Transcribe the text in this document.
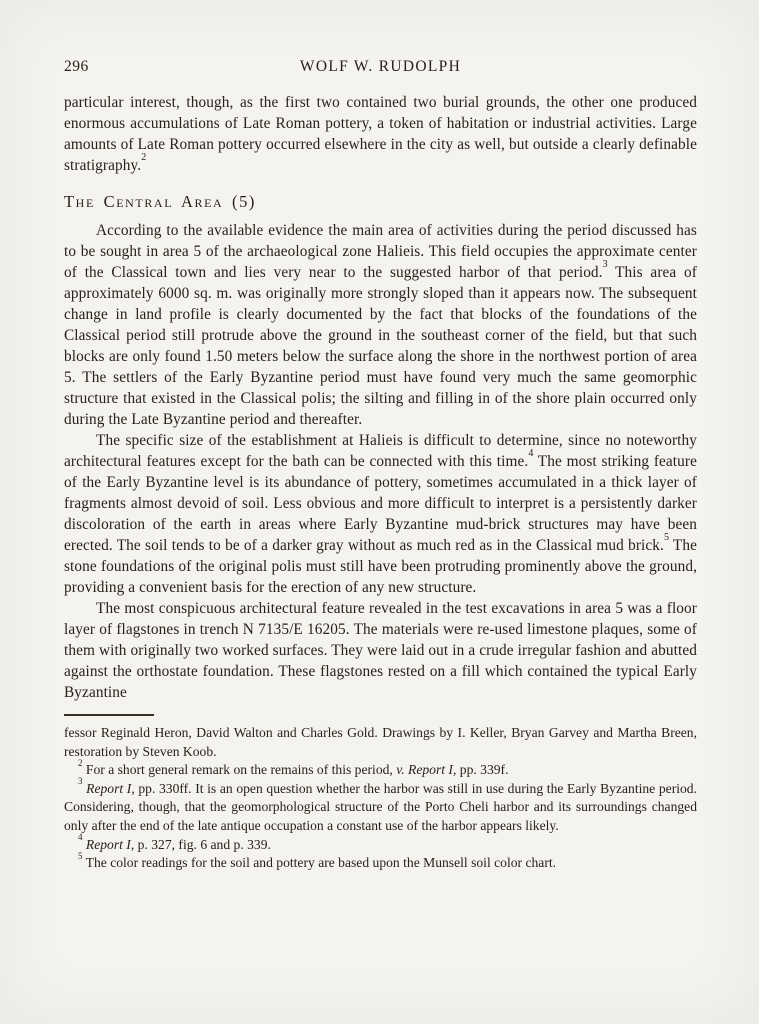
296	WOLF W. RUDOLPH

particular interest, though, as the first two contained two burial grounds, the other one produced enormous accumulations of Late Roman pottery, a token of habitation or industrial activities. Large amounts of Late Roman pottery occurred elsewhere in the city as well, but outside a clearly definable stratigraphy.$^2$

The Central Area (5)

According to the available evidence the main area of activities during the period discussed has to be sought in area 5 of the archaeological zone Halieis. This field occupies the approximate center of the Classical town and lies very near to the suggested harbor of that period.$^3$ This area of approximately 6000 sq. m. was originally more strongly sloped than it appears now. The subsequent change in land profile is clearly documented by the fact that blocks of the foundations of the Classical period still protrude above the ground in the southeast corner of the field, but that such blocks are only found 1.50 meters below the surface along the shore in the northwest portion of area 5. The settlers of the Early Byzantine period must have found very much the same geomorphic structure that existed in the Classical polis; the silting and filling in of the shore plain occurred only during the Late Byzantine period and thereafter.

The specific size of the establishment at Halieis is difficult to determine, since no noteworthy architectural features except for the bath can be connected with this time.$^4$ The most striking feature of the Early Byzantine level is its abundance of pottery, sometimes accumulated in a thick layer of fragments almost devoid of soil. Less obvious and more difficult to interpret is a persistently darker discoloration of the earth in areas where Early Byzantine mud-brick structures may have been erected. The soil tends to be of a darker gray without as much red as in the Classical mud brick.$^5$ The stone foundations of the original polis must still have been protruding prominently above the ground, providing a convenient basis for the erection of any new structure.

The most conspicuous architectural feature revealed in the test excavations in area 5 was a floor layer of flagstones in trench N 7135/E 16205. The materials were re-used limestone plaques, some of them with originally two worked surfaces. They were laid out in a crude irregular fashion and abutted against the orthostate foundation. These flagstones rested on a fill which contained the typical Early Byzantine

fessor Reginald Heron, David Walton and Charles Gold. Drawings by I. Keller, Bryan Garvey and Martha Breen, restoration by Steven Koob.

$^2$ For a short general remark on the remains of this period, v. Report I, pp. 339f.

$^3$ Report I, pp. 330ff. It is an open question whether the harbor was still in use during the Early Byzantine period. Considering, though, that the geomorphological structure of the Porto Cheli harbor and its surroundings changed only after the end of the late antique occupation a constant use of the harbor appears likely.

$^4$ Report I, p. 327, fig. 6 and p. 339.

$^5$ The color readings for the soil and pottery are based upon the Munsell soil color chart.
